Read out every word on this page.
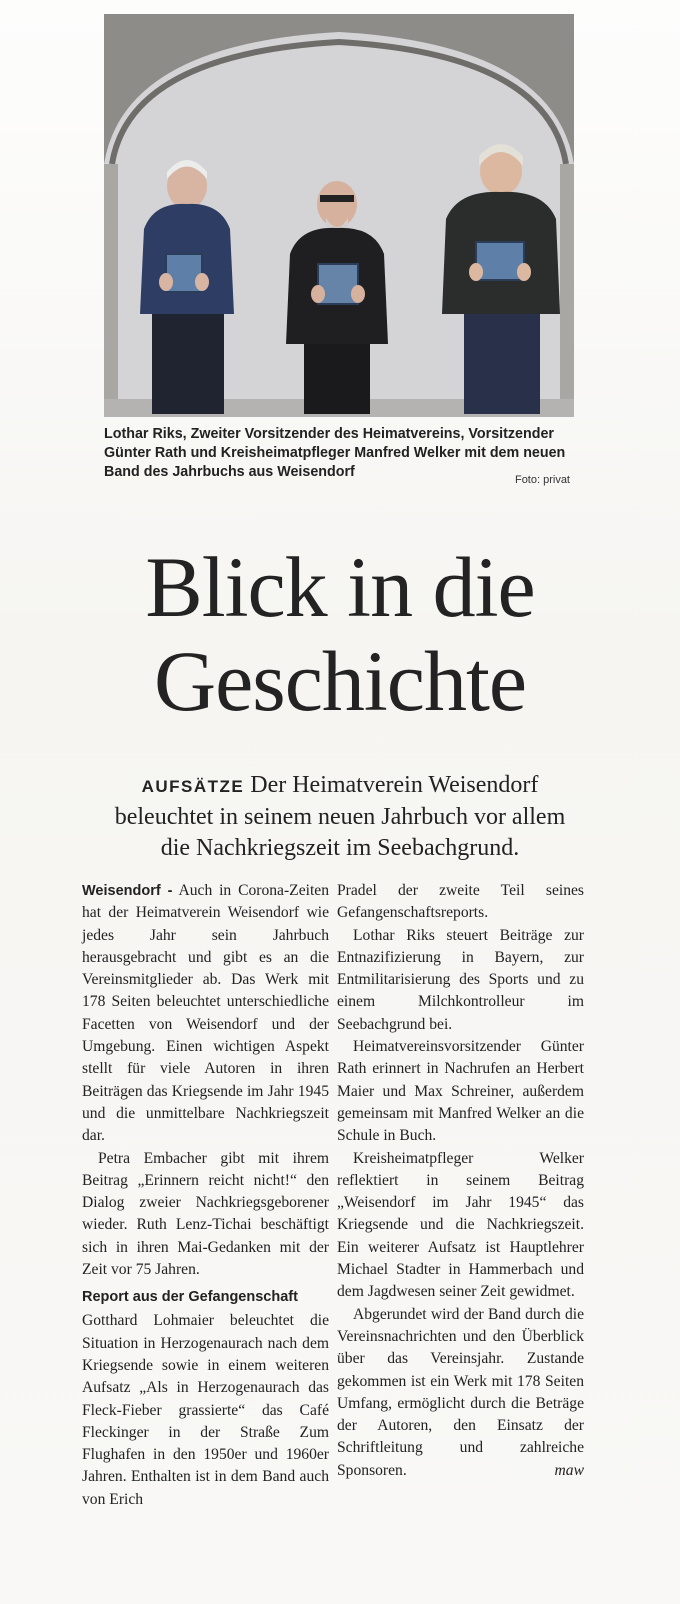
Lothar Riks, Zweiter Vorsitzender des Heimatvereins, Vorsitzender Günter Rath und Kreisheimatpfleger Manfred Welker mit dem neuen Band des Jahrbuchs aus Weisendorf	Foto: privat
Blick in die
Geschichte
AUFSÄTZE Der Heimatverein Weisendorf beleuchtet in seinem neuen Jahrbuch vor allem die Nachkriegszeit im Seebachgrund.

Weisendorf - Auch in Corona-Zeiten hat der Heimatverein Weisendorf wie jedes Jahr sein Jahrbuch herausgebracht und gibt es an die Vereinsmitglieder ab. Das Werk mit 178 Seiten beleuchtet unterschiedliche Facetten von Weisendorf und der Umgebung. Einen wichtigen Aspekt stellt für viele Autoren in ihren Beiträgen das Kriegsende im Jahr 1945 und die unmittelbare Nachkriegszeit dar.

Petra Embacher gibt mit ihrem Beitrag „Erinnern reicht nicht!“ den Dialog zweier Nachkriegsgeborener wieder. Ruth Lenz-Tichai beschäftigt sich in ihren Mai-Gedanken mit der Zeit vor 75 Jahren.

Report aus der Gefangenschaft

Gotthard Lohmaier beleuchtet die Situation in Herzogenaurach nach dem Kriegsende sowie in einem weiteren Aufsatz „Als in Herzogenaurach das Fleck-Fieber grassierte“ das Café Fleckinger in der Straße Zum Flughafen in den 1950er und 1960er Jahren. Enthalten ist in dem Band auch von Erich

Pradel der zweite Teil seines Gefangenschaftsreports.

Lothar Riks steuert Beiträge zur Entnazifizierung in Bayern, zur Entmilitarisierung des Sports und zu einem Milchkontrolleur im Seebachgrund bei.

Heimatvereinsvorsitzender Günter Rath erinnert in Nachrufen an Herbert Maier und Max Schreiner, außerdem gemeinsam mit Manfred Welker an die Schule in Buch.

Kreisheimatpfleger Welker reflektiert in seinem Beitrag „Weisendorf im Jahr 1945“ das Kriegsende und die Nachkriegszeit. Ein weiterer Aufsatz ist Hauptlehrer Michael Stadter in Hammerbach und dem Jagdwesen seiner Zeit gewidmet.

Abgerundet wird der Band durch die Vereinsnachrichten und den Überblick über das Vereinsjahr. Zustande gekommen ist ein Werk mit 178 Seiten Umfang, ermöglicht durch die Beträge der Autoren, den Einsatz der Schriftleitung und zahlreiche Sponsoren.	maw
